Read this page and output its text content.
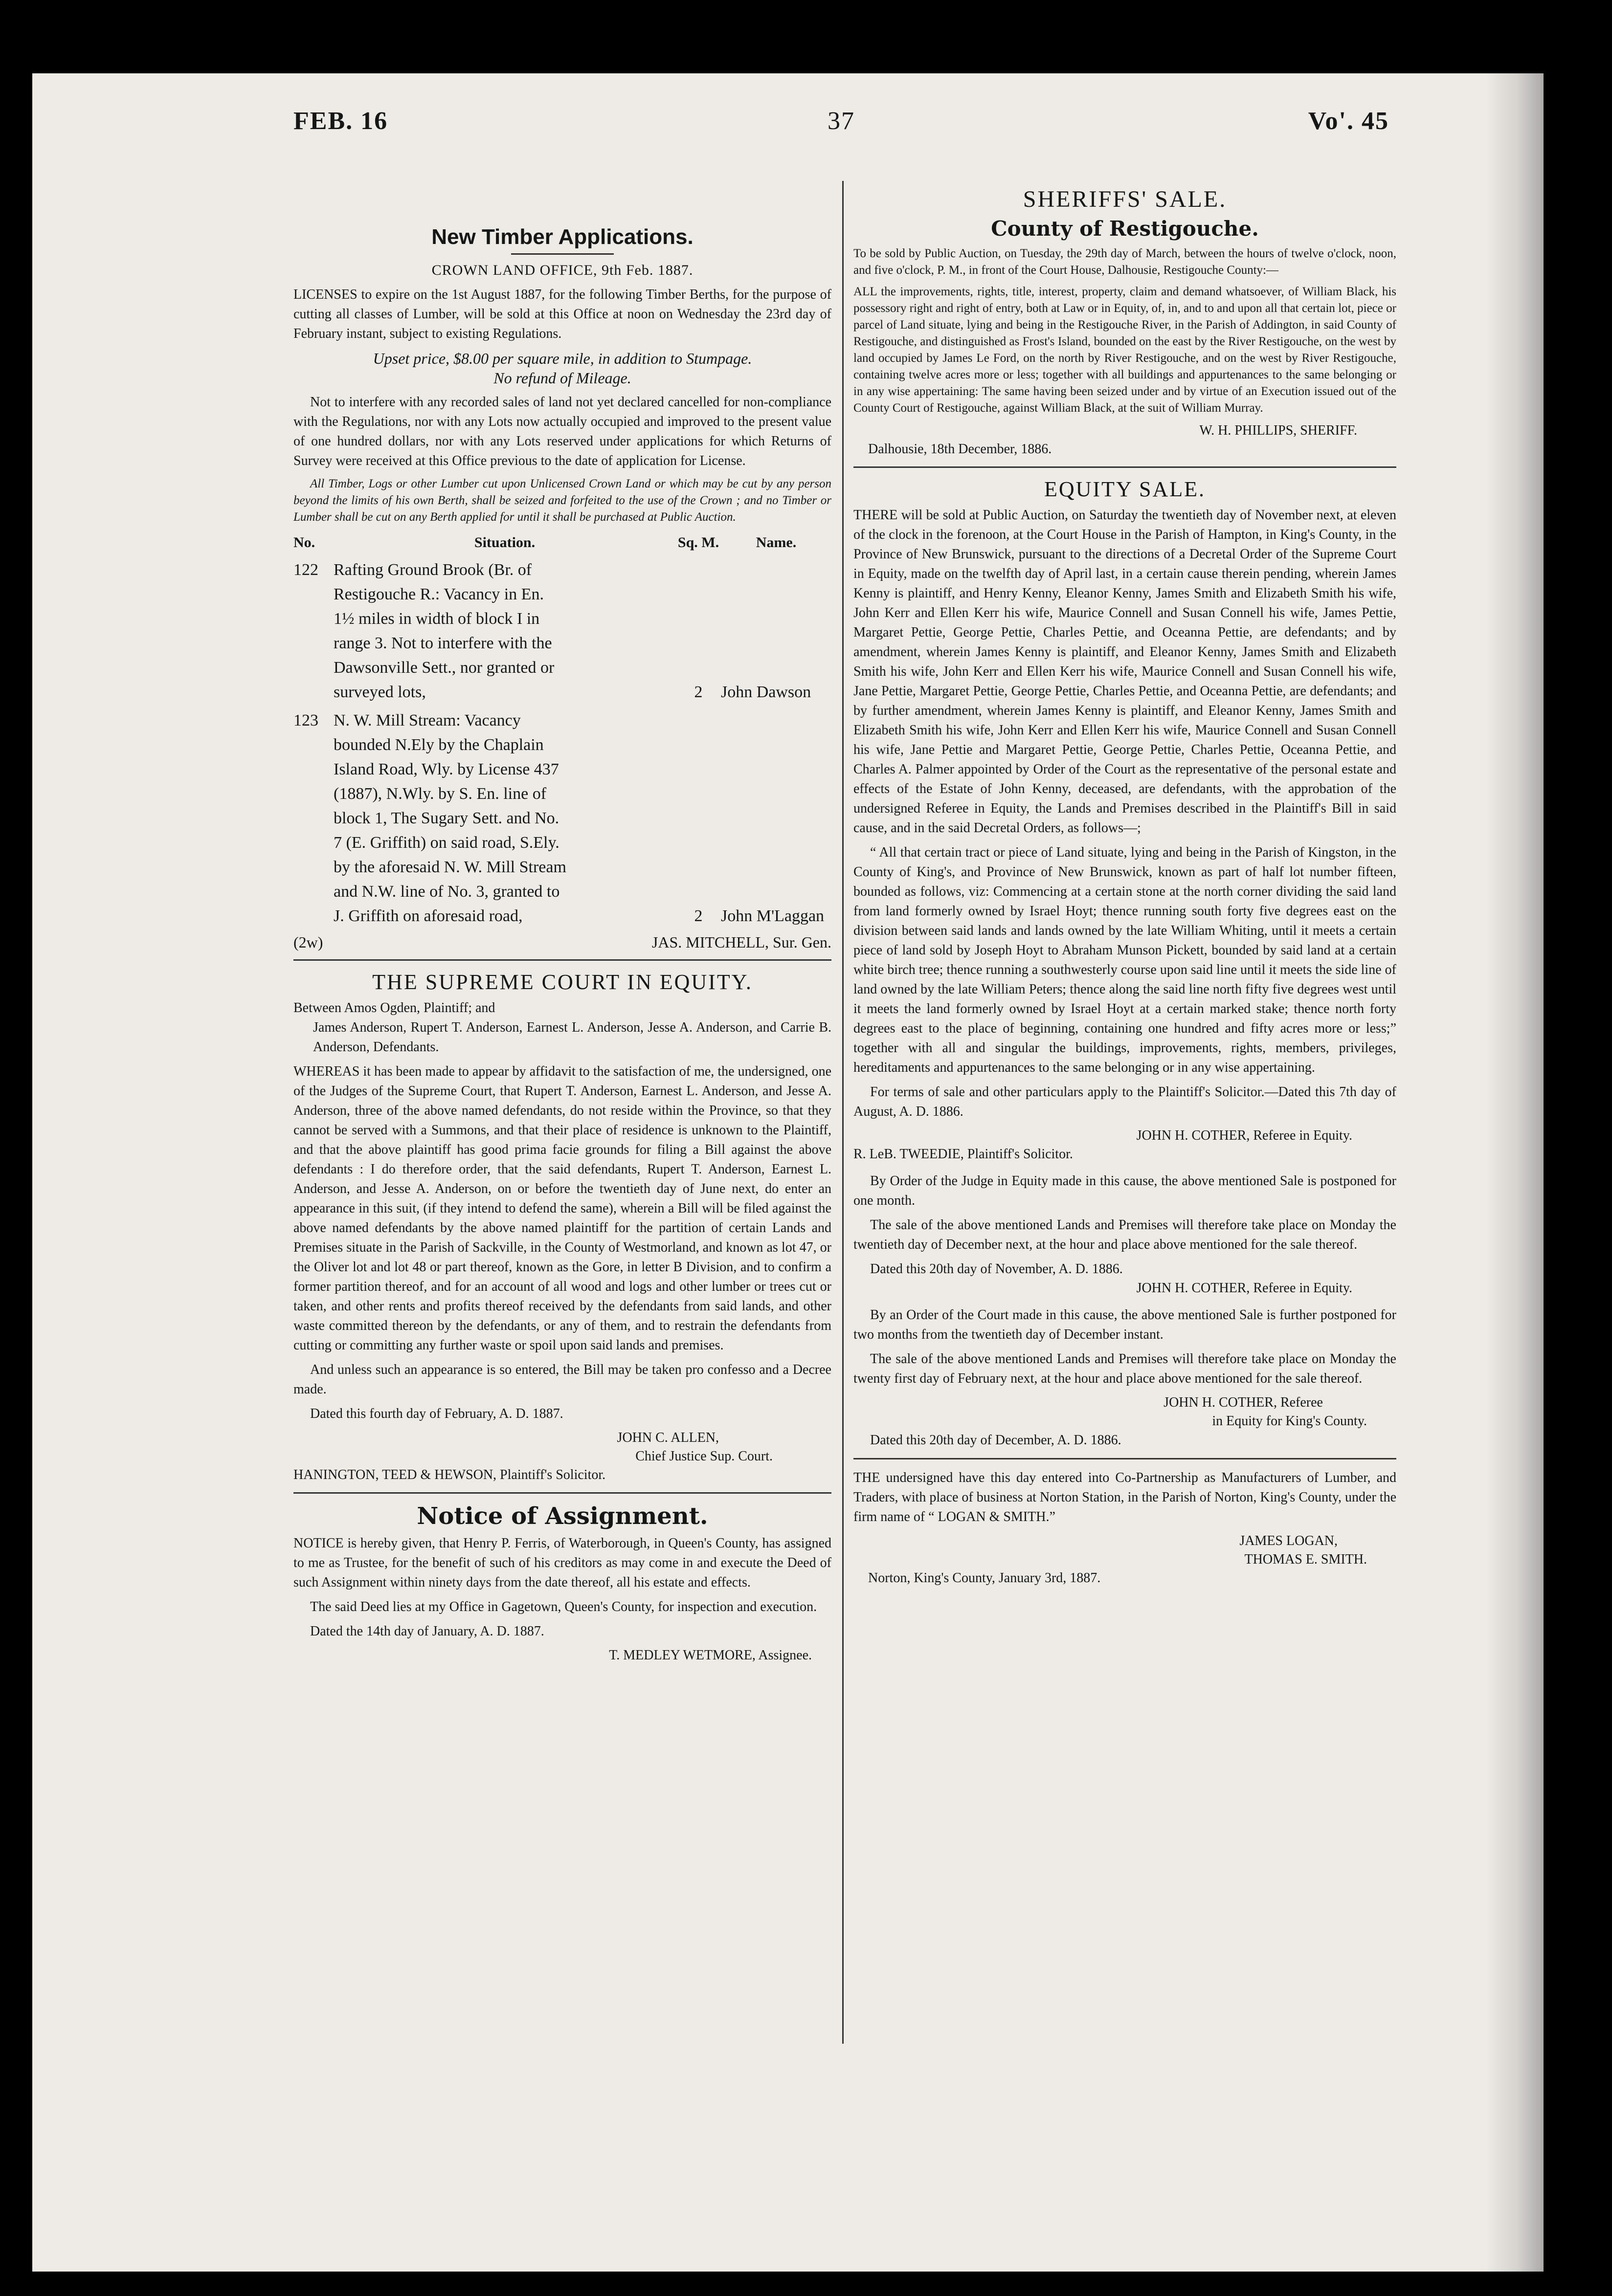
FEB. 16	37	Vo'. 45
New Timber Applications.

CROWN LAND OFFICE, 9th Feb. 1887.

LICENSES to expire on the 1st August 1887, for the following Timber Berths, for the purpose of cutting all classes of Lumber, will be sold at this Office at noon on Wednesday the 23rd day of February instant, subject to existing Regulations.

Upset price, $8.00 per square mile, in addition to Stumpage.

No refund of Mileage.

Not to interfere with any recorded sales of land not yet declared cancelled for non-compliance with the Regulations, nor with any Lots now actually occupied and improved to the present value of one hundred dollars, nor with any Lots reserved under applications for which Returns of Survey were received at this Office previous to the date of application for License.

All Timber, Logs or other Lumber cut upon Unlicensed Crown Land or which may be cut by any person beyond the limits of his own Berth, shall be seized and forfeited to the use of the Crown ; and no Timber or Lumber shall be cut on any Berth applied for until it shall be purchased at Public Auction.

No.	Situation.	Sq. M.	Name.
122 Rafting Ground Brook (Br. of Restigouche R.: Vacancy in En. 1½ miles in width of block I in range 3. Not to interfere with the Dawsonville Sett., nor granted or surveyed lots,	2	John Dawson
123 N. W. Mill Stream: Vacancy bounded N.Ely by the Chaplain Island Road, Wly. by License 437 (1887), N.Wly. by S. En. line of block 1, The Sugary Sett. and No. 7 (E. Griffith) on said road, S.Ely. by the aforesaid N. W. Mill Stream and N.W. line of No. 3, granted to J. Griffith on aforesaid road,	2	John M'Laggan
(2w)	JAS. MITCHELL, Sur. Gen.
THE SUPREME COURT IN EQUITY.

Between Amos Ogden, Plaintiff; and

James Anderson, Rupert T. Anderson, Earnest L. Anderson, Jesse A. Anderson, and Carrie B. Anderson, Defendants.

WHEREAS it has been made to appear by affidavit to the satisfaction of me, the undersigned, one of the Judges of the Supreme Court, that Rupert T. Anderson, Earnest L. Anderson, and Jesse A. Anderson, three of the above named defendants, do not reside within the Province, so that they cannot be served with a Summons, and that their place of residence is unknown to the Plaintiff, and that the above plaintiff has good prima facie grounds for filing a Bill against the above defendants : I do therefore order, that the said defendants, Rupert T. Anderson, Earnest L. Anderson, and Jesse A. Anderson, on or before the twentieth day of June next, do enter an appearance in this suit, (if they intend to defend the same), wherein a Bill will be filed against the above named defendants by the above named plaintiff for the partition of certain Lands and Premises situate in the Parish of Sackville, in the County of Westmorland, and known as lot 47, or the Oliver lot and lot 48 or part thereof, known as the Gore, in letter B Division, and to confirm a former partition thereof, and for an account of all wood and logs and other lumber or trees cut or taken, and other rents and profits thereof received by the defendants from said lands, and other waste committed thereon by the defendants, or any of them, and to restrain the defendants from cutting or committing any further waste or spoil upon said lands and premises.

And unless such an appearance is so entered, the Bill may be taken pro confesso and a Decree made.

Dated this fourth day of February, A. D. 1887.

JOHN C. ALLEN,
Chief Justice Sup. Court.
HANINGTON, TEED & HEWSON, Plaintiff's Solicitor.
Notice of Assignment.

NOTICE is hereby given, that Henry P. Ferris, of Waterborough, in Queen's County, has assigned to me as Trustee, for the benefit of such of his creditors as may come in and execute the Deed of such Assignment within ninety days from the date thereof, all his estate and effects.

The said Deed lies at my Office in Gagetown, Queen's County, for inspection and execution.

Dated the 14th day of January, A. D. 1887.

T. MEDLEY WETMORE, Assignee.
SHERIFFS' SALE.
County of Restigouche.

To be sold by Public Auction, on Tuesday, the 29th day of March, between the hours of twelve o'clock, noon, and five o'clock, P. M., in front of the Court House, Dalhousie, Restigouche County:—

ALL the improvements, rights, title, interest, property, claim and demand whatsoever, of William Black, his possessory right and right of entry, both at Law or in Equity, of, in, and to and upon all that certain lot, piece or parcel of Land situate, lying and being in the Restigouche River, in the Parish of Addington, in said County of Restigouche, and distinguished as Frost's Island, bounded on the east by the River Restigouche, on the west by land occupied by James Le Ford, on the north by River Restigouche, and on the west by River Restigouche, containing twelve acres more or less; together with all buildings and appurtenances to the same belonging or in any wise appertaining: The same having been seized under and by virtue of an Execution issued out of the County Court of Restigouche, against William Black, at the suit of William Murray.

W. H. PHILLIPS, SHERIFF.
Dalhousie, 18th December, 1886.
EQUITY SALE.

THERE will be sold at Public Auction, on Saturday the twentieth day of November next, at eleven of the clock in the forenoon, at the Court House in the Parish of Hampton, in King's County, in the Province of New Brunswick, pursuant to the directions of a Decretal Order of the Supreme Court in Equity, made on the twelfth day of April last, in a certain cause therein pending, wherein James Kenny is plaintiff, and Henry Kenny, Eleanor Kenny, James Smith and Elizabeth Smith his wife, John Kerr and Ellen Kerr his wife, Maurice Connell and Susan Connell his wife, James Pettie, Margaret Pettie, George Pettie, Charles Pettie, and Oceanna Pettie, are defendants; and by amendment, wherein James Kenny is plaintiff, and Eleanor Kenny, James Smith and Elizabeth Smith his wife, John Kerr and Ellen Kerr his wife, Maurice Connell and Susan Connell his wife, Jane Pettie, Margaret Pettie, George Pettie, Charles Pettie, and Oceanna Pettie, are defendants; and by further amendment, wherein James Kenny is plaintiff, and Eleanor Kenny, James Smith and Elizabeth Smith his wife, John Kerr and Ellen Kerr his wife, Maurice Connell and Susan Connell his wife, Jane Pettie and Margaret Pettie, George Pettie, Charles Pettie, Oceanna Pettie, and Charles A. Palmer appointed by Order of the Court as the representative of the personal estate and effects of the Estate of John Kenny, deceased, are defendants, with the approbation of the undersigned Referee in Equity, the Lands and Premises described in the Plaintiff's Bill in said cause, and in the said Decretal Orders, as follows—;

“ All that certain tract or piece of Land situate, lying and being in the Parish of Kingston, in the County of King's, and Province of New Brunswick, known as part of half lot number fifteen, bounded as follows, viz: Commencing at a certain stone at the north corner dividing the said land from land formerly owned by Israel Hoyt; thence running south forty five degrees east on the division between said lands and lands owned by the late William Whiting, until it meets a certain piece of land sold by Joseph Hoyt to Abraham Munson Pickett, bounded by said land at a certain white birch tree; thence running a southwesterly course upon said line until it meets the side line of land owned by the late William Peters; thence along the said line north fifty five degrees west until it meets the land formerly owned by Israel Hoyt at a certain marked stake; thence north forty degrees east to the place of beginning, containing one hundred and fifty acres more or less;” together with all and singular the buildings, improvements, rights, members, privileges, hereditaments and appurtenances to the same belonging or in any wise appertaining.

For terms of sale and other particulars apply to the Plaintiff's Solicitor.—Dated this 7th day of August, A. D. 1886.

JOHN H. COTHER, Referee in Equity.
R. LeB. TWEEDIE, Plaintiff's Solicitor.

By Order of the Judge in Equity made in this cause, the above mentioned Sale is postponed for one month.

The sale of the above mentioned Lands and Premises will therefore take place on Monday the twentieth day of December next, at the hour and place above mentioned for the sale thereof.

Dated this 20th day of November, A. D. 1886.

JOHN H. COTHER, Referee in Equity.

By an Order of the Court made in this cause, the above mentioned Sale is further postponed for two months from the twentieth day of December instant.

The sale of the above mentioned Lands and Premises will therefore take place on Monday the twenty first day of February next, at the hour and place above mentioned for the sale thereof.

JOHN H. COTHER, Referee
in Equity for King's County.

Dated this 20th day of December, A. D. 1886.

THE undersigned have this day entered into Co-Partnership as Manufacturers of Lumber, and Traders, with place of business at Norton Station, in the Parish of Norton, King's County, under the firm name of “ LOGAN & SMITH.”

JAMES LOGAN,
THOMAS E. SMITH.
Norton, King's County, January 3rd, 1887.
